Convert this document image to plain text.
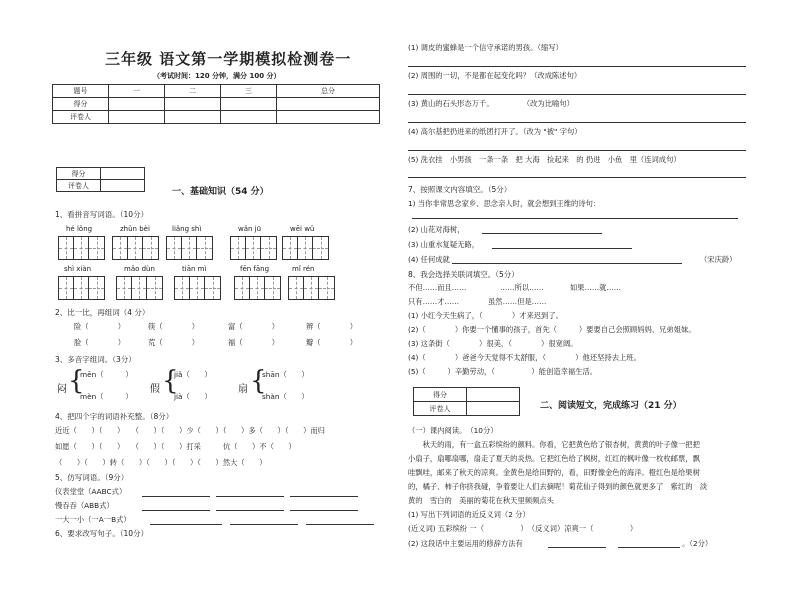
三年级 语文第一学期模拟检测卷一
（考试时间：120 分钟，满分 100 分）
题号	一	二	三	总分
得分				
评卷人				
得分	
评卷人	
一、基础知识（54 分）
1、看拼音写词语。（10分）
hé lǒng	zhǔn bèi	liǎng shì	wǎn jū	wēi wǔ
shì xiàn	mǎo dùn	tiān mì	fēn fāng	mǐ rén
2、比一比，再组词（4 分）
险（　　　　）	筷（　　　　）	富（　　　　）	辨（　　　　）
脸（　　　　）	荒（　　　　）	福（　　　　）	瓣（　　　　）
3、多音字组词。（3分）
闷 {
mēn（　　　）
mèn（　　　）
假 {
jiǎ（　　）
jià（　　）
扇 {
shān（　　）
shàn（　　）
4、把四个字的词语补充整。（8分）
近近（　　）（　　）　　（　　）（　　）少（　　）（　　）多（　　）（　　）而归
如愿（　　）（　　）　　（　　）（　　）打采　　　伉（　　）不（　　）
（　　）（　　）转（　　）（　　）（　　）（　　）然大（　　）
5、仿写词语。（9分）
仪表堂堂（AABC式）
慢吞吞（ABB式）
一大一小（一A一B式）
6、要求改写句子。（10分）
(1) 调皮的蜜蜂是一个信守承诺的男孩。（缩写）
(2) 周围的一切，不是都在起变化吗？（改成陈述句）
(3) 黄山的石头形态万千。　　　　　（改为比喻句）
(4) 高尔基把扔进来的纸团打开了。（改为 "被" 字句）
(5) 洗衣挂　小男孩　一条一条　把 大海　捡起来　的 扔进　小鱼　里（连词成句）
7、按照课文内容填空。（5分）
1) 当你非常思念家乡、思念亲人时，就会想到王维的诗句：
(2) 山花对海树，
(3) 山重水复疑无路，
(4) 任何成就	（宋庆龄）
8、我会选择关联词填空。（5分）
不但……而且……	……所以……	如果……就……
只有……才……	虽然……但是……
(1) 小红今天生病了，（　　　　）才来迟到了。
(2)（　　　　）你要一个懂事的孩子，首先（　　　）要要自己会照顾妈妈、兄弟姐妹。
(3) 这条街（　　　　）很美，（　　　　）很宽阔。
(4)（　　　　）爸爸今天觉得不太舒服，（　　　　）他还坚持去上班。
(5)（　　　）辛勤劳动，（　　　　　）能创造幸福生活。
得分	
评卷人		二、阅读短文，完成练习（21 分）
（一）课内阅读。　（10分）
　　秋天的雨，有一盒五彩缤纷的颜料。你看，它把黄色给了银杏树，黄黄的叶子像一把把
小扇子，扇哪扇哪，扇走了夏天的炎热。它把红色给了枫树，红红的枫叶像一枚枚邮票，飘
哇飘哇，邮来了秋天的凉爽。金黄色是给田野的，看，田野像金色的海洋。橙红色是给果树
的，橘子、柿子你挤我碰，争着要让人们去摘呢！菊花仙子得到的颜色就更多了　紫红的　淡
黄的　雪白的　美丽的菊花在秋天里频频点头
(1) 写出下列词语的近反义词（2 分）
(近义词) 五彩缤纷 一（　　　　　）　（反义词）凉爽一（　　　　　）
(2) 这段话中主要运用的修辞方法有	。（2分）
